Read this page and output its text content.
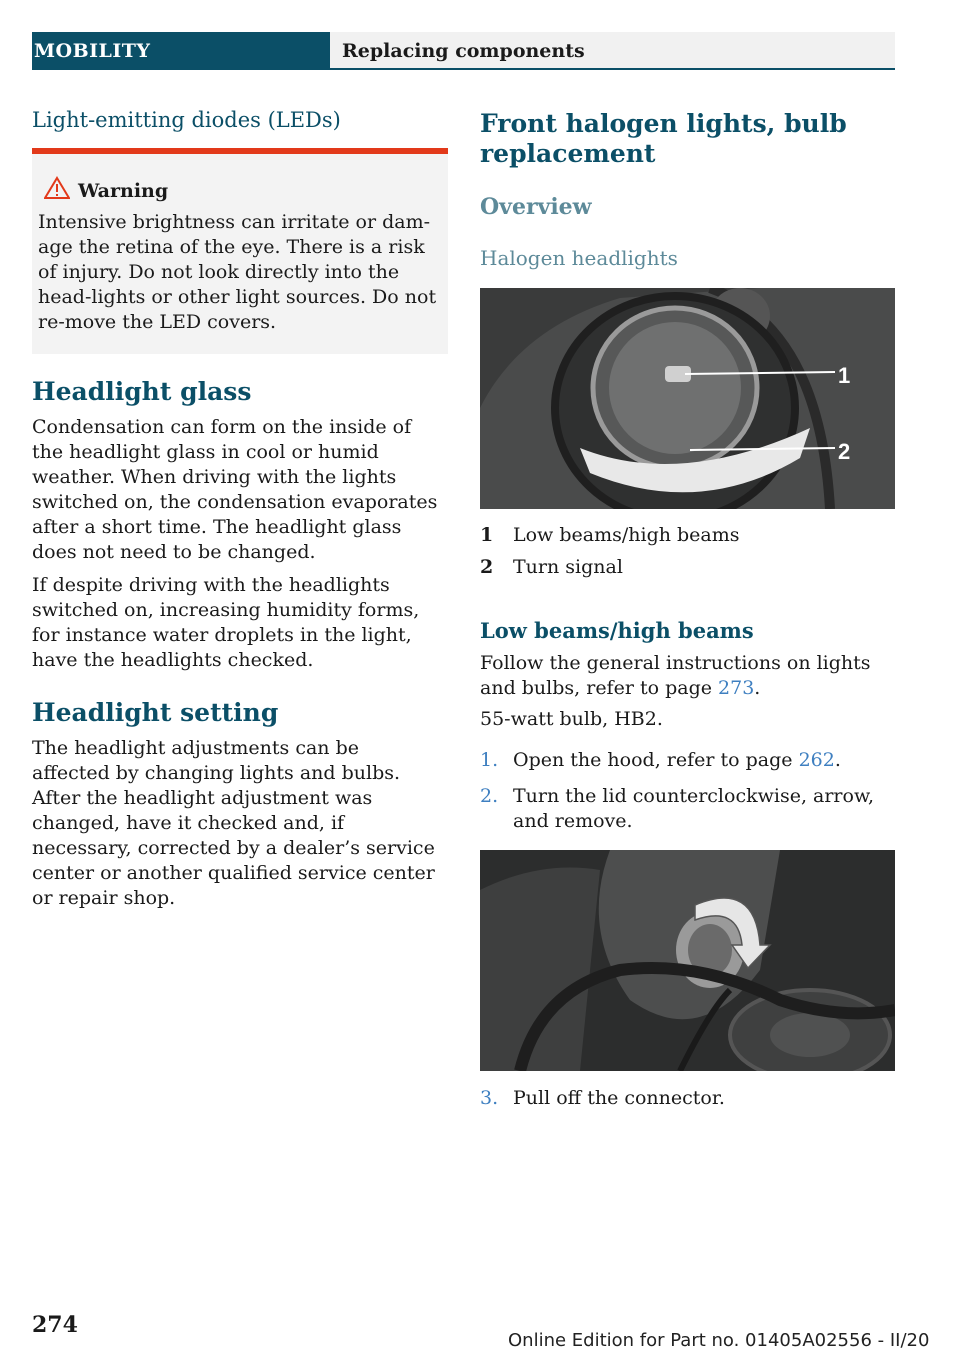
MOBILITY	Replacing components
Light-emitting diodes (LEDs)
Warning

Intensive brightness can irritate or dam-age the retina of the eye. There is a risk of injury. Do not look directly into the head-lights or other light sources. Do not re-move the LED covers.

Headlight glass

Condensation can form on the inside of the headlight glass in cool or humid weather. When driving with the lights switched on, the condensation evaporates after a short time. The headlight glass does not need to be changed.

If despite driving with the headlights switched on, increasing humidity forms, for instance water droplets in the light, have the headlights checked.

Headlight setting

The headlight adjustments can be affected by changing lights and bulbs. After the headlight adjustment was changed, have it checked and, if necessary, corrected by a dealer’s service center or another qualified service center or repair shop.

Front halogen lights, bulb replacement
Overview
Halogen headlights
1
2
1 Low beams/high beams
2 Turn signal
Low beams/high beams

Follow the general instructions on lights and bulbs, refer to page 273.

55-watt bulb, HB2.

1. Open the hood, refer to page 262.
2. Turn the lid counterclockwise, arrow, and remove.
3. Pull off the connector.
274
Online Edition for Part no. 01405A02556 - II/20
